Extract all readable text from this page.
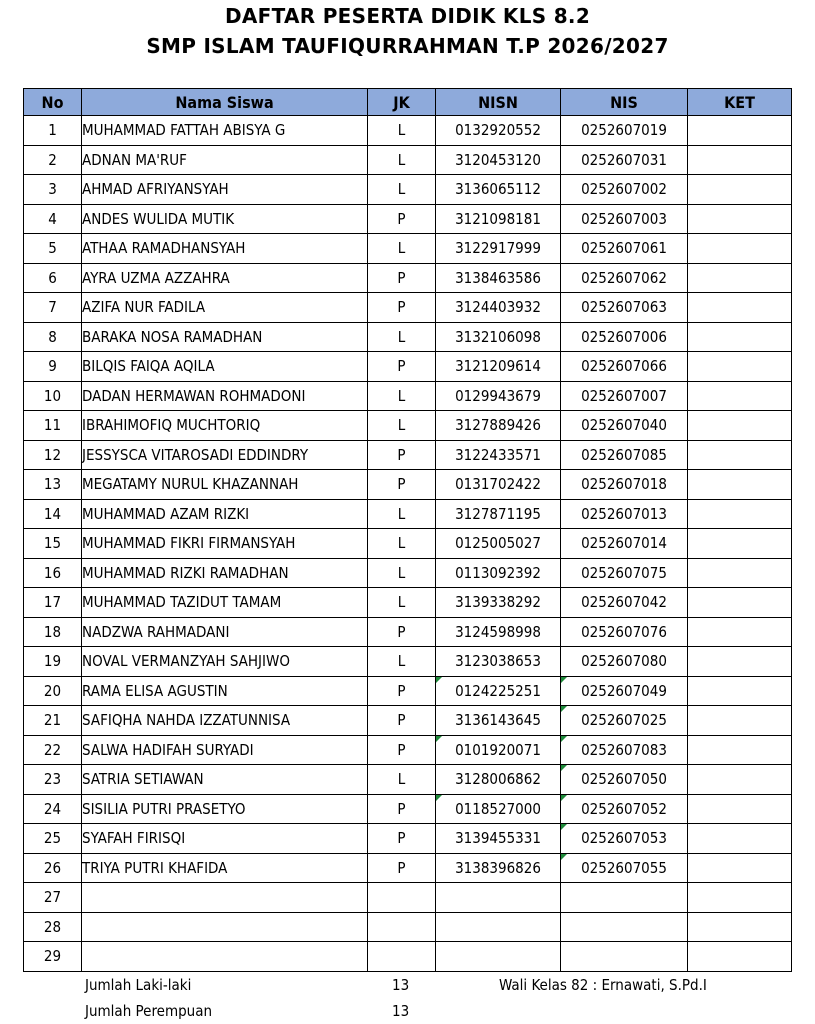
DAFTAR PESERTA DIDIK KLS 8.2
SMP ISLAM TAUFIQURRAHMAN T.P 2026/2027
No	Nama Siswa	JK	NISN	NIS	KET
1	MUHAMMAD FATTAH ABISYA G	L	0132920552	0252607019	
2	ADNAN MA'RUF	L	3120453120	0252607031	
3	AHMAD AFRIYANSYAH	L	3136065112	0252607002	
4	ANDES WULIDA MUTIK	P	3121098181	0252607003	
5	ATHAA RAMADHANSYAH	L	3122917999	0252607061	
6	AYRA UZMA AZZAHRA	P	3138463586	0252607062	
7	AZIFA NUR FADILA	P	3124403932	0252607063	
8	BARAKA NOSA RAMADHAN	L	3132106098	0252607006	
9	BILQIS FAIQA AQILA	P	3121209614	0252607066	
10	DADAN HERMAWAN ROHMADONI	L	0129943679	0252607007	
11	IBRAHIMOFIQ MUCHTORIQ	L	3127889426	0252607040	
12	JESSYSCA VITAROSADI EDDINDRY	P	3122433571	0252607085	
13	MEGATAMY NURUL KHAZANNAH	P	0131702422	0252607018	
14	MUHAMMAD AZAM RIZKI	L	3127871195	0252607013	
15	MUHAMMAD FIKRI FIRMANSYAH	L	0125005027	0252607014	
16	MUHAMMAD RIZKI RAMADHAN	L	0113092392	0252607075	
17	MUHAMMAD TAZIDUT TAMAM	L	3139338292	0252607042	
18	NADZWA RAHMADANI	P	3124598998	0252607076	
19	NOVAL VERMANZYAH SAHJIWO	L	3123038653	0252607080	
20	RAMA ELISA AGUSTIN	P	0124225251	0252607049	
21	SAFIQHA NAHDA IZZATUNNISA	P	3136143645	0252607025	
22	SALWA HADIFAH SURYADI	P	0101920071	0252607083	
23	SATRIA SETIAWAN	L	3128006862	0252607050	
24	SISILIA PUTRI PRASETYO	P	0118527000	0252607052	
25	SYAFAH FIRISQI	P	3139455331	0252607053	
26	TRIYA PUTRI KHAFIDA	P	3138396826	0252607055	
27					
28					
29					
Jumlah Laki-laki	13	Wali Kelas 82 : Ernawati, S.Pd.I
Jumlah Perempuan	13
